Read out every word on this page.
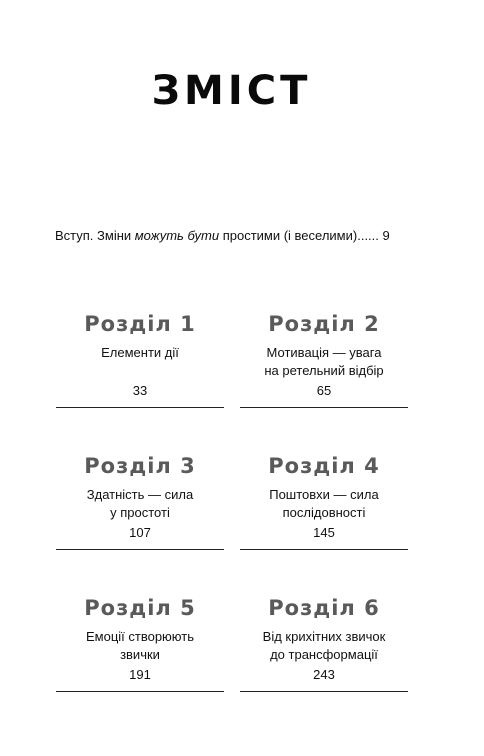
ЗМІСТ
Вступ. Зміни можуть бути простими (і веселими)...... 9
Розділ 1
Елементи дії

33
Розділ 2
Мотивація — увага
на ретельний відбір
65
Розділ 3
Здатність — сила
у простоті
107
Розділ 4
Поштовхи — сила
послідовності
145
Розділ 5
Емоції створюють
звички
191
Розділ 6
Від крихітних звичок
до трансформації
243
